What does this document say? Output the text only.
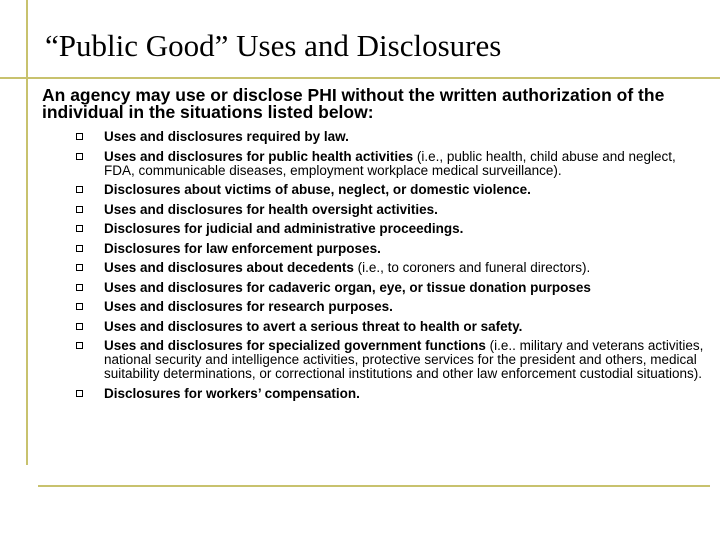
“Public Good” Uses and Disclosures

An agency may use or disclose PHI without the written authorization of the individual in the situations listed below:

Uses and disclosures required by law.
Uses and disclosures for public health activities (i.e., public health, child abuse and neglect, FDA, communicable diseases, employment workplace medical surveillance).
Disclosures about victims of abuse, neglect, or domestic violence.
Uses and disclosures for health oversight activities.
Disclosures for judicial and administrative proceedings.
Disclosures for law enforcement purposes.
Uses and disclosures about decedents (i.e., to coroners and funeral directors).
Uses and disclosures for cadaveric organ, eye, or tissue donation purposes
Uses and disclosures for research purposes.
Uses and disclosures to avert a serious threat to health or safety.
Uses and disclosures for specialized government functions (i.e.. military and veterans activities, national security and intelligence activities, protective services for the president and others, medical suitability determinations, or correctional institutions and other law enforcement custodial situations).
Disclosures for workers’ compensation.
